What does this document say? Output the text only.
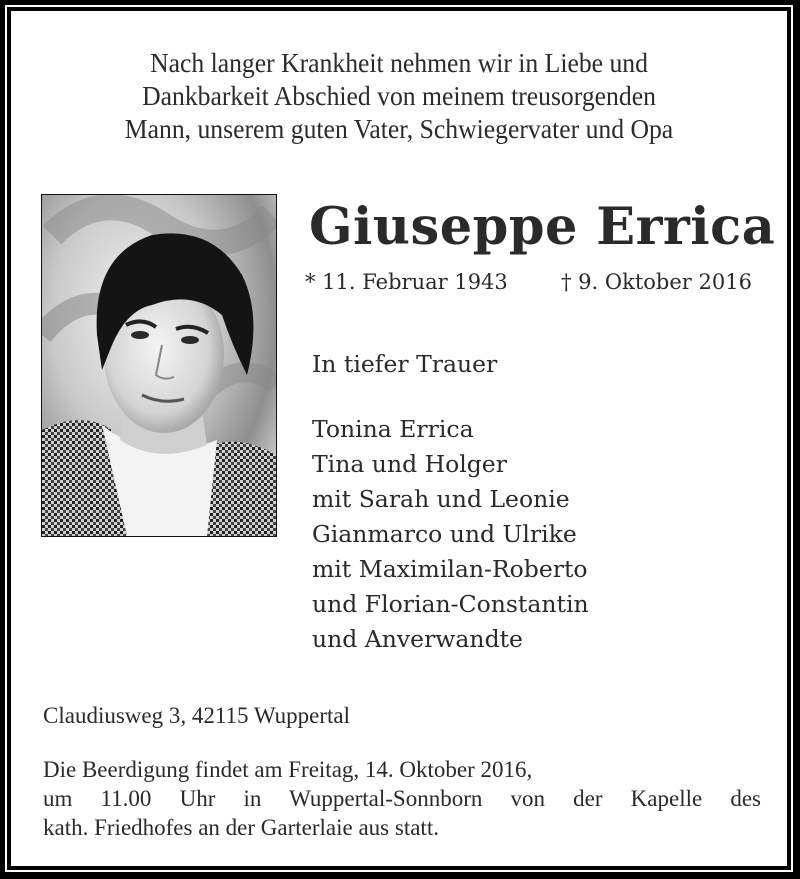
Nach langer Krankheit nehmen wir in Liebe und
Dankbarkeit Abschied von meinem treusorgenden
Mann, unserem guten Vater, Schwiegervater und Opa
Giuseppe Errica
* 11. Februar 1943	† 9. Oktober 2016
In tiefer Trauer
Tonina Errica
Tina und Holger
mit Sarah und Leonie
Gianmarco und Ulrike
mit Maximilan-Roberto
und Florian-Constantin
und Anverwandte
Claudiusweg 3, 42115 Wuppertal
Die Beerdigung findet am Freitag, 14. Oktober 2016,
um 11.00 Uhr in Wuppertal-Sonnborn von der Kapelle des
kath. Friedhofes an der Garterlaie aus statt.
